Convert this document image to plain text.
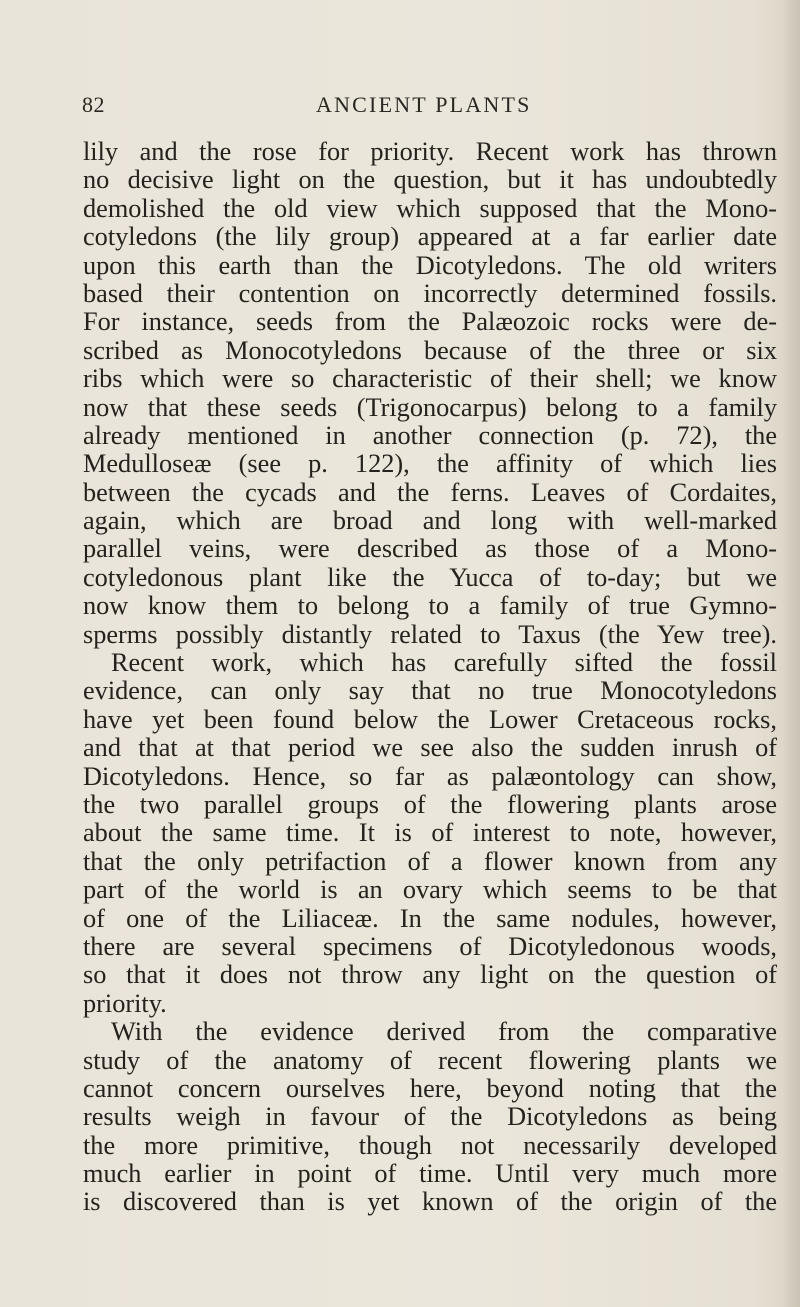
82	ANCIENT PLANTS
lily and the rose for priority. Recent work has thrown
no decisive light on the question, but it has undoubtedly
demolished the old view which supposed that the Mono-
cotyledons (the lily group) appeared at a far earlier date
upon this earth than the Dicotyledons. The old writers
based their contention on incorrectly determined fossils.
For instance, seeds from the Palæozoic rocks were de-
scribed as Monocotyledons because of the three or six
ribs which were so characteristic of their shell; we know
now that these seeds (Trigonocarpus) belong to a family
already mentioned in another connection (p. 72), the
Medulloseæ (see p. 122), the affinity of which lies
between the cycads and the ferns. Leaves of Cordaites,
again, which are broad and long with well-marked
parallel veins, were described as those of a Mono-
cotyledonous plant like the Yucca of to-day; but we
now know them to belong to a family of true Gymno-
sperms possibly distantly related to Taxus (the Yew tree).
Recent work, which has carefully sifted the fossil
evidence, can only say that no true Monocotyledons
have yet been found below the Lower Cretaceous rocks,
and that at that period we see also the sudden inrush of
Dicotyledons. Hence, so far as palæontology can show,
the two parallel groups of the flowering plants arose
about the same time. It is of interest to note, however,
that the only petrifaction of a flower known from any
part of the world is an ovary which seems to be that
of one of the Liliaceæ. In the same nodules, however,
there are several specimens of Dicotyledonous woods,
so that it does not throw any light on the question of
priority.
With the evidence derived from the comparative
study of the anatomy of recent flowering plants we
cannot concern ourselves here, beyond noting that the
results weigh in favour of the Dicotyledons as being
the more primitive, though not necessarily developed
much earlier in point of time. Until very much more
is discovered than is yet known of the origin of the
